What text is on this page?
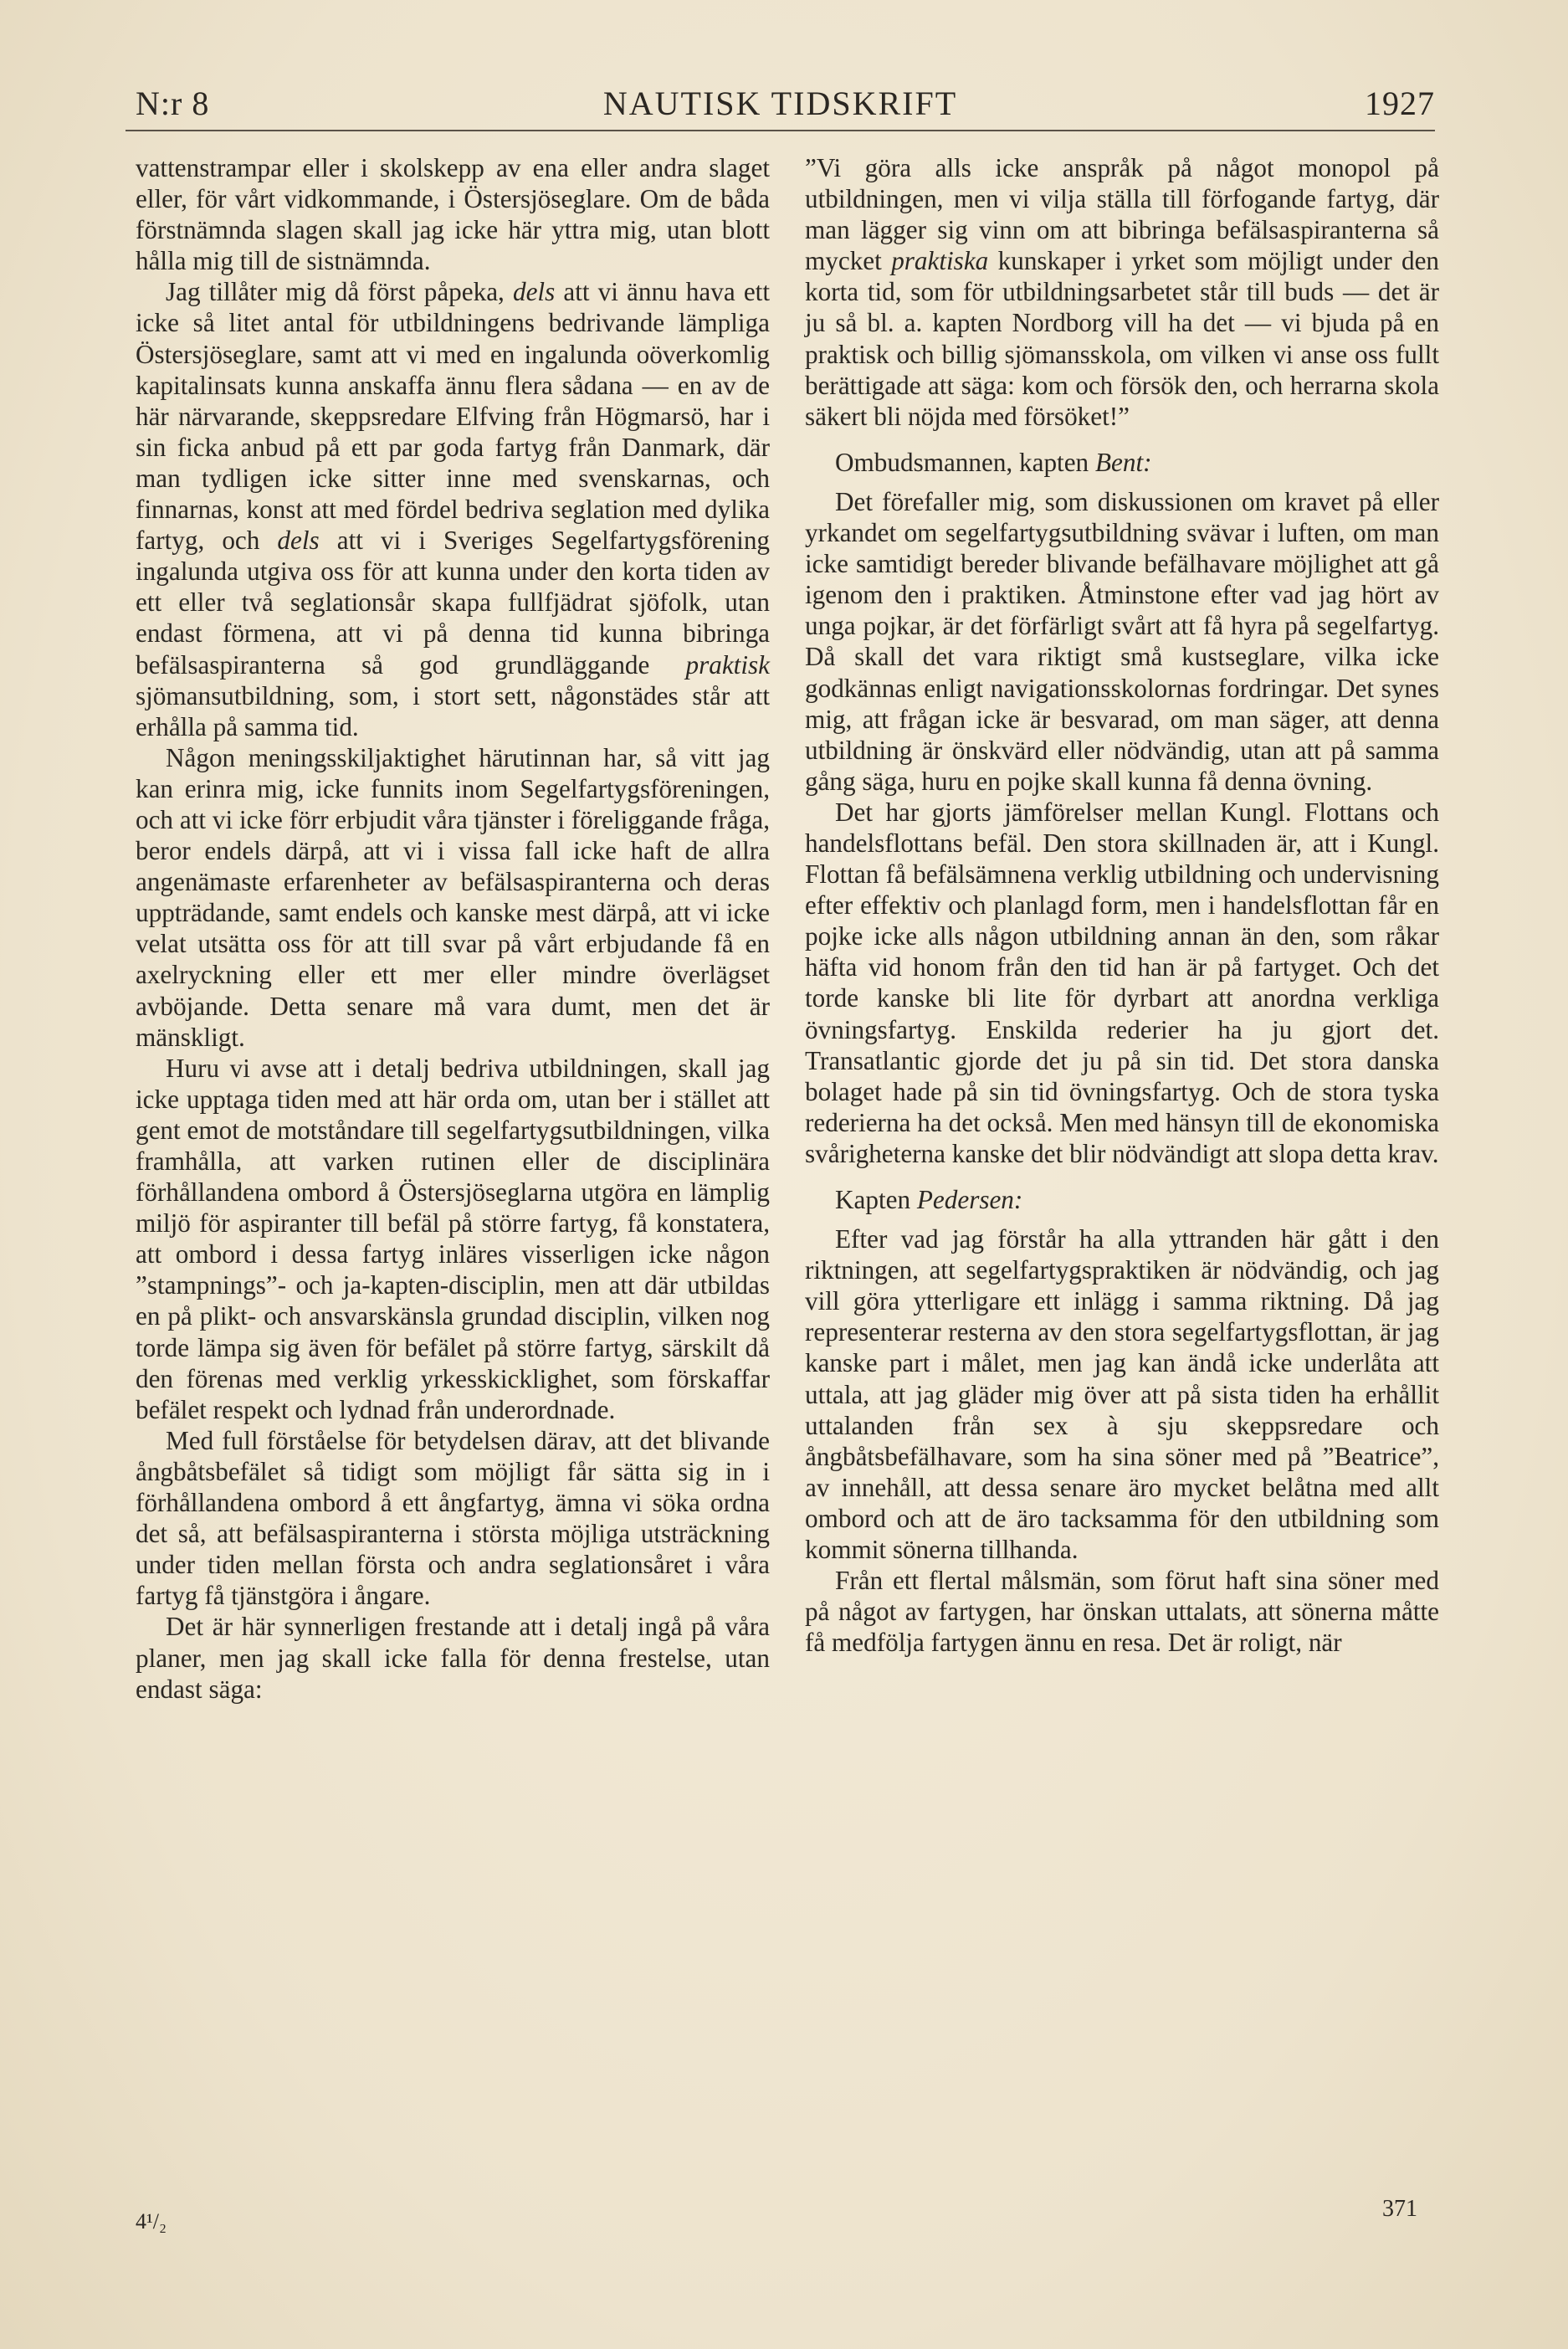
NAUTISK TIDSKRIFT
N:r 8	1927

vattenstrampar eller i skolskepp av ena eller andra slaget eller, för vårt vidkommande, i Östersjöseglare. Om de båda förstnämnda slagen skall jag icke här yttra mig, utan blott hålla mig till de sistnämnda.

Jag tillåter mig då först påpeka, dels att vi ännu hava ett icke så litet antal för utbildningens bedrivande lämpliga Östersjöseglare, samt att vi med en ingalunda oöverkomlig kapitalinsats kunna anskaffa ännu flera sådana — en av de här närvarande, skeppsredare Elfving från Högmarsö, har i sin ficka anbud på ett par goda fartyg från Danmark, där man tydligen icke sitter inne med svenskarnas, och finnarnas, konst att med fördel bedriva seglation med dylika fartyg, och dels att vi i Sveriges Segelfartygsförening ingalunda utgiva oss för att kunna under den korta tiden av ett eller två seglationsår skapa fullfjädrat sjöfolk, utan endast förmena, att vi på denna tid kunna bibringa befälsaspiranterna så god grundläggande praktisk sjömansutbildning, som, i stort sett, någonstädes står att erhålla på samma tid.

Någon meningsskiljaktighet härutinnan har, så vitt jag kan erinra mig, icke funnits inom Segelfartygsföreningen, och att vi icke förr erbjudit våra tjänster i föreliggande fråga, beror endels därpå, att vi i vissa fall icke haft de allra angenämaste erfarenheter av befälsaspiranterna och deras uppträdande, samt endels och kanske mest därpå, att vi icke velat utsätta oss för att till svar på vårt erbjudande få en axelryckning eller ett mer eller mindre överlägset avböjande. Detta senare må vara dumt, men det är mänskligt.

Huru vi avse att i detalj bedriva utbildningen, skall jag icke upptaga tiden med att här orda om, utan ber i stället att gent emot de motståndare till segelfartygsutbildningen, vilka framhålla, att varken rutinen eller de disciplinära förhållandena ombord å Östersjöseglarna utgöra en lämplig miljö för aspiranter till befäl på större fartyg, få konstatera, att ombord i dessa fartyg inläres visserligen icke någon ”stampnings”- och ja-kapten-disciplin, men att där utbildas en på plikt- och ansvarskänsla grundad disciplin, vilken nog torde lämpa sig även för befälet på större fartyg, särskilt då den förenas med verklig yrkesskicklighet, som förskaffar befälet respekt och lydnad från underordnade.

Med full förståelse för betydelsen därav, att det blivande ångbåtsbefälet så tidigt som möjligt får sätta sig in i förhållandena ombord å ett ångfartyg, ämna vi söka ordna det så, att befälsaspiranterna i största möjliga utsträckning under tiden mellan första och andra seglationsåret i våra fartyg få tjänstgöra i ångare.

Det är här synnerligen frestande att i detalj ingå på våra planer, men jag skall icke falla för denna frestelse, utan endast säga:

”Vi göra alls icke anspråk på något monopol på utbildningen, men vi vilja ställa till förfogande fartyg, där man lägger sig vinn om att bibringa befälsaspiranterna så mycket praktiska kunskaper i yrket som möjligt under den korta tid, som för utbildningsarbetet står till buds — det är ju så bl. a. kapten Nordborg vill ha det — vi bjuda på en praktisk och billig sjömansskola, om vilken vi anse oss fullt berättigade att säga: kom och försök den, och herrarna skola säkert bli nöjda med försöket!”

Ombudsmannen, kapten Bent:

Det förefaller mig, som diskussionen om kravet på eller yrkandet om segelfartygsutbildning svävar i luften, om man icke samtidigt bereder blivande befälhavare möjlighet att gå igenom den i praktiken. Åtminstone efter vad jag hört av unga pojkar, är det förfärligt svårt att få hyra på segelfartyg. Då skall det vara riktigt små kustseglare, vilka icke godkännas enligt navigationsskolornas fordringar. Det synes mig, att frågan icke är besvarad, om man säger, att denna utbildning är önskvärd eller nödvändig, utan att på samma gång säga, huru en pojke skall kunna få denna övning.

Det har gjorts jämförelser mellan Kungl. Flottans och handelsflottans befäl. Den stora skillnaden är, att i Kungl. Flottan få befälsämnena verklig utbildning och undervisning efter effektiv och planlagd form, men i handelsflottan får en pojke icke alls någon utbildning annan än den, som råkar häfta vid honom från den tid han är på fartyget. Och det torde kanske bli lite för dyrbart att anordna verkliga övningsfartyg. Enskilda rederier ha ju gjort det. Transatlantic gjorde det ju på sin tid. Det stora danska bolaget hade på sin tid övningsfartyg. Och de stora tyska rederierna ha det också. Men med hänsyn till de ekonomiska svårigheterna kanske det blir nödvändigt att slopa detta krav.

Kapten Pedersen:

Efter vad jag förstår ha alla yttranden här gått i den riktningen, att segelfartygspraktiken är nödvändig, och jag vill göra ytterligare ett inlägg i samma riktning. Då jag representerar resterna av den stora segelfartygsflottan, är jag kanske part i målet, men jag kan ändå icke underlåta att uttala, att jag gläder mig över att på sista tiden ha erhållit uttalanden från sex à sju skeppsredare och ångbåtsbefälhavare, som ha sina söner med på ”Beatrice”, av innehåll, att dessa senare äro mycket belåtna med allt ombord och att de äro tacksamma för den utbildning som kommit sönerna tillhanda.

Från ett flertal målsmän, som förut haft sina söner med på något av fartygen, har önskan uttalats, att sönerna måtte få medfölja fartygen ännu en resa. Det är roligt, när

4¹/₂	371
